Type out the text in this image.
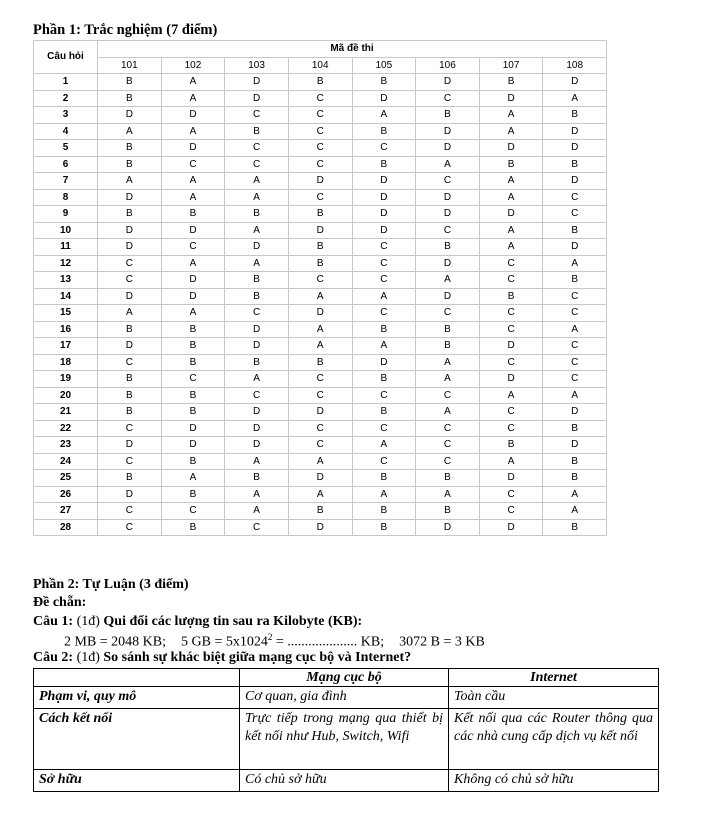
Phần 1: Trắc nghiệm (7 điểm)
Câu hỏi	Mã đề thi							
	101	102	103	104	105	106	107	108
1	B	A	D	B	B	D	B	D
2	B	A	D	C	D	C	D	A
3	D	D	C	C	A	B	A	B
4	A	A	B	C	B	D	A	D
5	B	D	C	C	C	D	D	D
6	B	C	C	C	B	A	B	B
7	A	A	A	D	D	C	A	D
8	D	A	A	C	D	D	A	C
9	B	B	B	B	D	D	D	C
10	D	D	A	D	D	C	A	B
11	D	C	D	B	C	B	A	D
12	C	A	A	B	C	D	C	A
13	C	D	B	C	C	A	C	B
14	D	D	B	A	A	D	B	C
15	A	A	C	D	C	C	C	C
16	B	B	D	A	B	B	C	A
17	D	B	D	A	A	B	D	C
18	C	B	B	B	D	A	C	C
19	B	C	A	C	B	A	D	C
20	B	B	C	C	C	C	A	A
21	B	B	D	D	B	A	C	D
22	C	D	D	C	C	C	C	B
23	D	D	D	C	A	C	B	D
24	C	B	A	A	C	C	A	B
25	B	A	B	D	B	B	D	B
26	D	B	A	A	A	A	C	A
27	C	C	A	B	B	B	C	A
28	C	B	C	D	B	D	D	B
Phần 2: Tự Luận (3 điểm)
Đề chẵn:
Câu 1: (1đ) Qui đổi các lượng tin sau ra Kilobyte (KB):
2 MB = 2048 KB; 5 GB = $5x1024^2$ = .................... KB; 3072 B = 3 KB
Câu 2: (1đ) So sánh sự khác biệt giữa mạng cục bộ và Internet?
	Mạng cục bộ	Internet
Phạm vi, quy mô	Cơ quan, gia đình	Toàn cầu
Cách kết nối	Trực tiếp trong mạng qua thiết bị kết nối như Hub, Switch, Wifi	Kết nối qua các Router thông qua các nhà cung cấp dịch vụ kết nối
Sở hữu	Có chủ sở hữu	Không có chủ sở hữu
